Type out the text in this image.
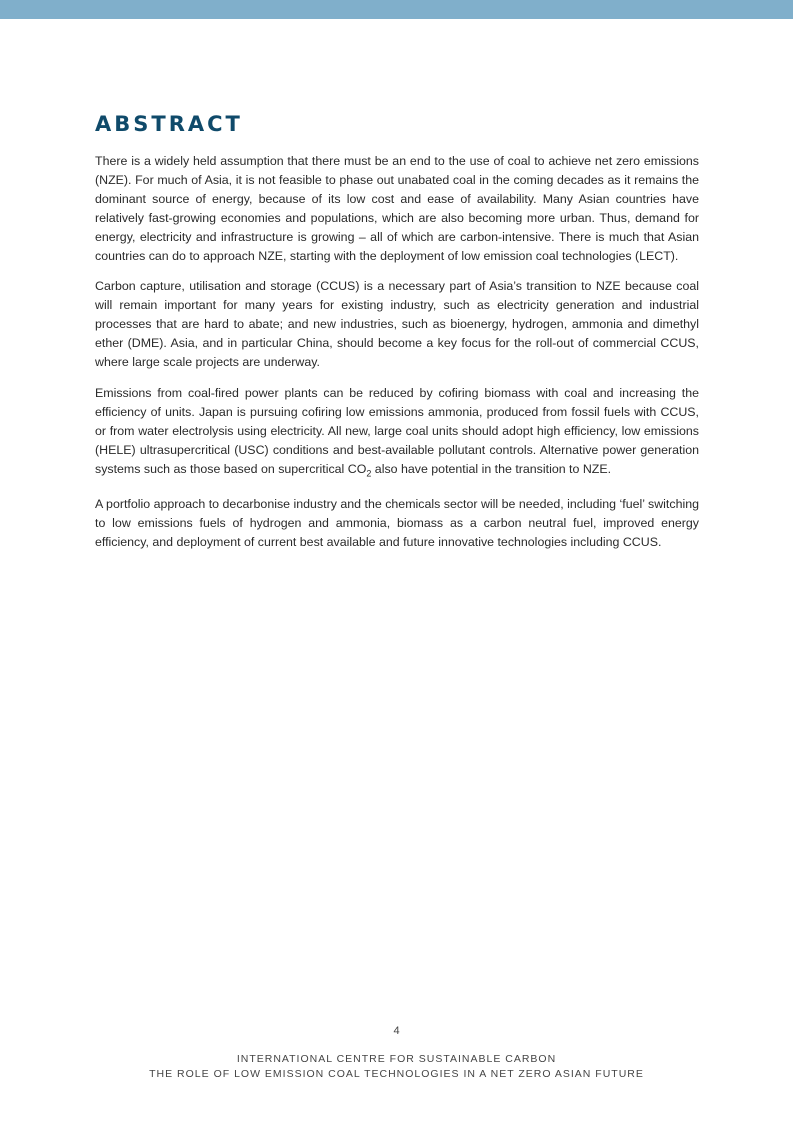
ABSTRACT

There is a widely held assumption that there must be an end to the use of coal to achieve net zero emissions (NZE). For much of Asia, it is not feasible to phase out unabated coal in the coming decades as it remains the dominant source of energy, because of its low cost and ease of availability. Many Asian countries have relatively fast-growing economies and populations, which are also becoming more urban. Thus, demand for energy, electricity and infrastructure is growing – all of which are carbon-intensive. There is much that Asian countries can do to approach NZE, starting with the deployment of low emission coal technologies (LECT).

Carbon capture, utilisation and storage (CCUS) is a necessary part of Asia’s transition to NZE because coal will remain important for many years for existing industry, such as electricity generation and industrial processes that are hard to abate; and new industries, such as bioenergy, hydrogen, ammonia and dimethyl ether (DME). Asia, and in particular China, should become a key focus for the roll-out of commercial CCUS, where large scale projects are underway.

Emissions from coal-fired power plants can be reduced by cofiring biomass with coal and increasing the efficiency of units. Japan is pursuing cofiring low emissions ammonia, produced from fossil fuels with CCUS, or from water electrolysis using electricity. All new, large coal units should adopt high efficiency, low emissions (HELE) ultrasupercritical (USC) conditions and best-available pollutant controls. Alternative power generation systems such as those based on supercritical $CO_2$ also have potential in the transition to NZE.

A portfolio approach to decarbonise industry and the chemicals sector will be needed, including ‘fuel’ switching to low emissions fuels of hydrogen and ammonia, biomass as a carbon neutral fuel, improved energy efficiency, and deployment of current best available and future innovative technologies including CCUS.

4
INTERNATIONAL CENTRE FOR SUSTAINABLE CARBON
THE ROLE OF LOW EMISSION COAL TECHNOLOGIES IN A NET ZERO ASIAN FUTURE
